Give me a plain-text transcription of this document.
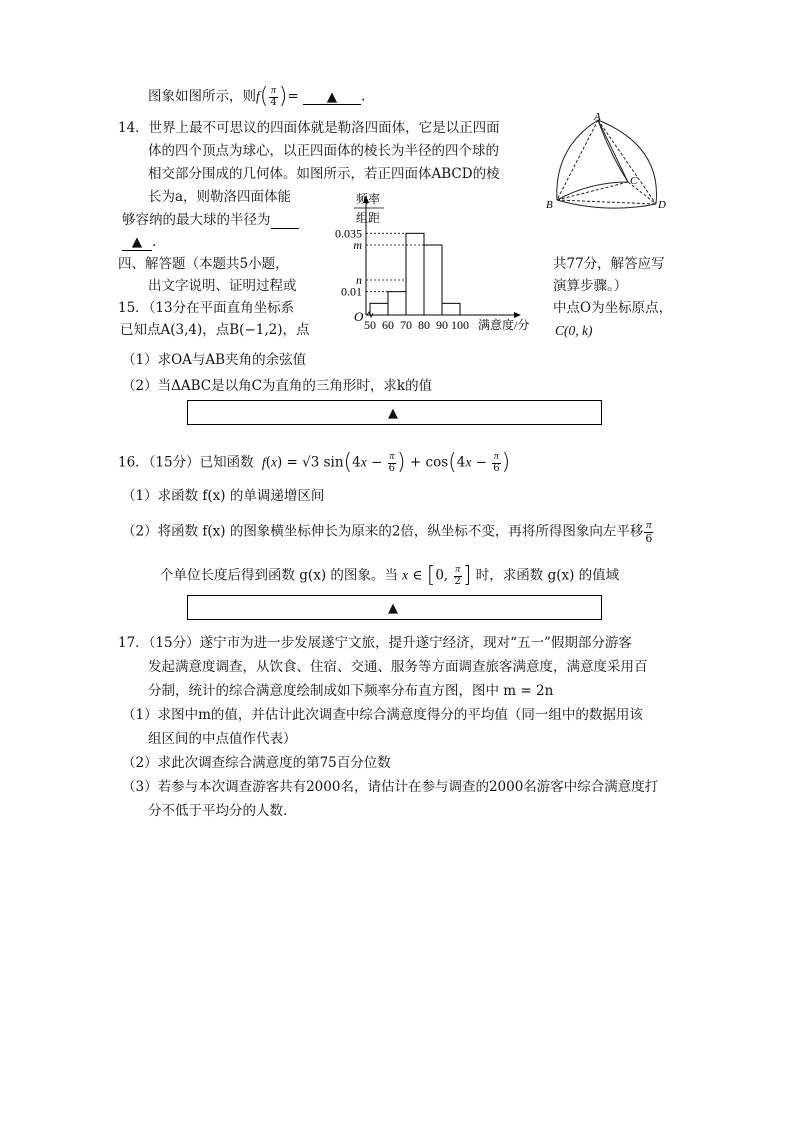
图象如图所示，则$f( \frac{\pi}{4}$ )= ▲ .
14．世界上最不可思议的四面体就是勒洛四面体，它是以正四面
体的四个顶点为球心，以正四面体的棱长为半径的四个球的
相交部分围成的几何体。如图所示，若正四面体ABCD的棱
长为a，则勒洛四面体能
够容纳的最大球的半径为
▲ .
A
B
C
D
0.035
m
n
0.01
50 60 70 80 90 100
O
满意度/分
频率
组距
四、解答题（本题共5小题，	共77分，解答应写
出文字说明、证明过程或	演算步骤。）
15．（13分在平面直角坐标系	中点O为坐标原点，
已知点A(3,4)，点B(−1,2)，点	C(0, k)
（1）求OA与AB夹角的余弦值
（2）当ΔABC是以角C为直角的三角形时，求k的值
▲
16．（15分）已知函数 f(x) = √3 $\sin(4x - \frac{\pi}{6}$ ) + $\cos(4x - \frac{\pi}{6}$ )
（1）求函数 f(x) 的单调递增区间
（2）将函数 f(x) 的图象横坐标伸长为原来的2倍，纵坐标不变，再将所得图象向左平移 $\frac{\pi}{6}$
个单位长度后得到函数 g(x) 的图象。当 x ∈ [0, $\frac{\pi}{2}$ ] 时，求函数 g(x) 的值域
▲
17．（15分）遂宁市为进一步发展遂宁文旅，提升遂宁经济，现对“五一”假期部分游客
发起满意度调查，从饮食、住宿、交通、服务等方面调查旅客满意度，满意度采用百
分制，统计的综合满意度绘制成如下频率分布直方图，图中 m = 2n
（1）求图中m的值，并估计此次调查中综合满意度得分的平均值（同一组中的数据用该
组区间的中点值作代表）
（2）求此次调查综合满意度的第75百分位数
（3）若参与本次调查游客共有2000名，请估计在参与调查的2000名游客中综合满意度打
分不低于平均分的人数.
